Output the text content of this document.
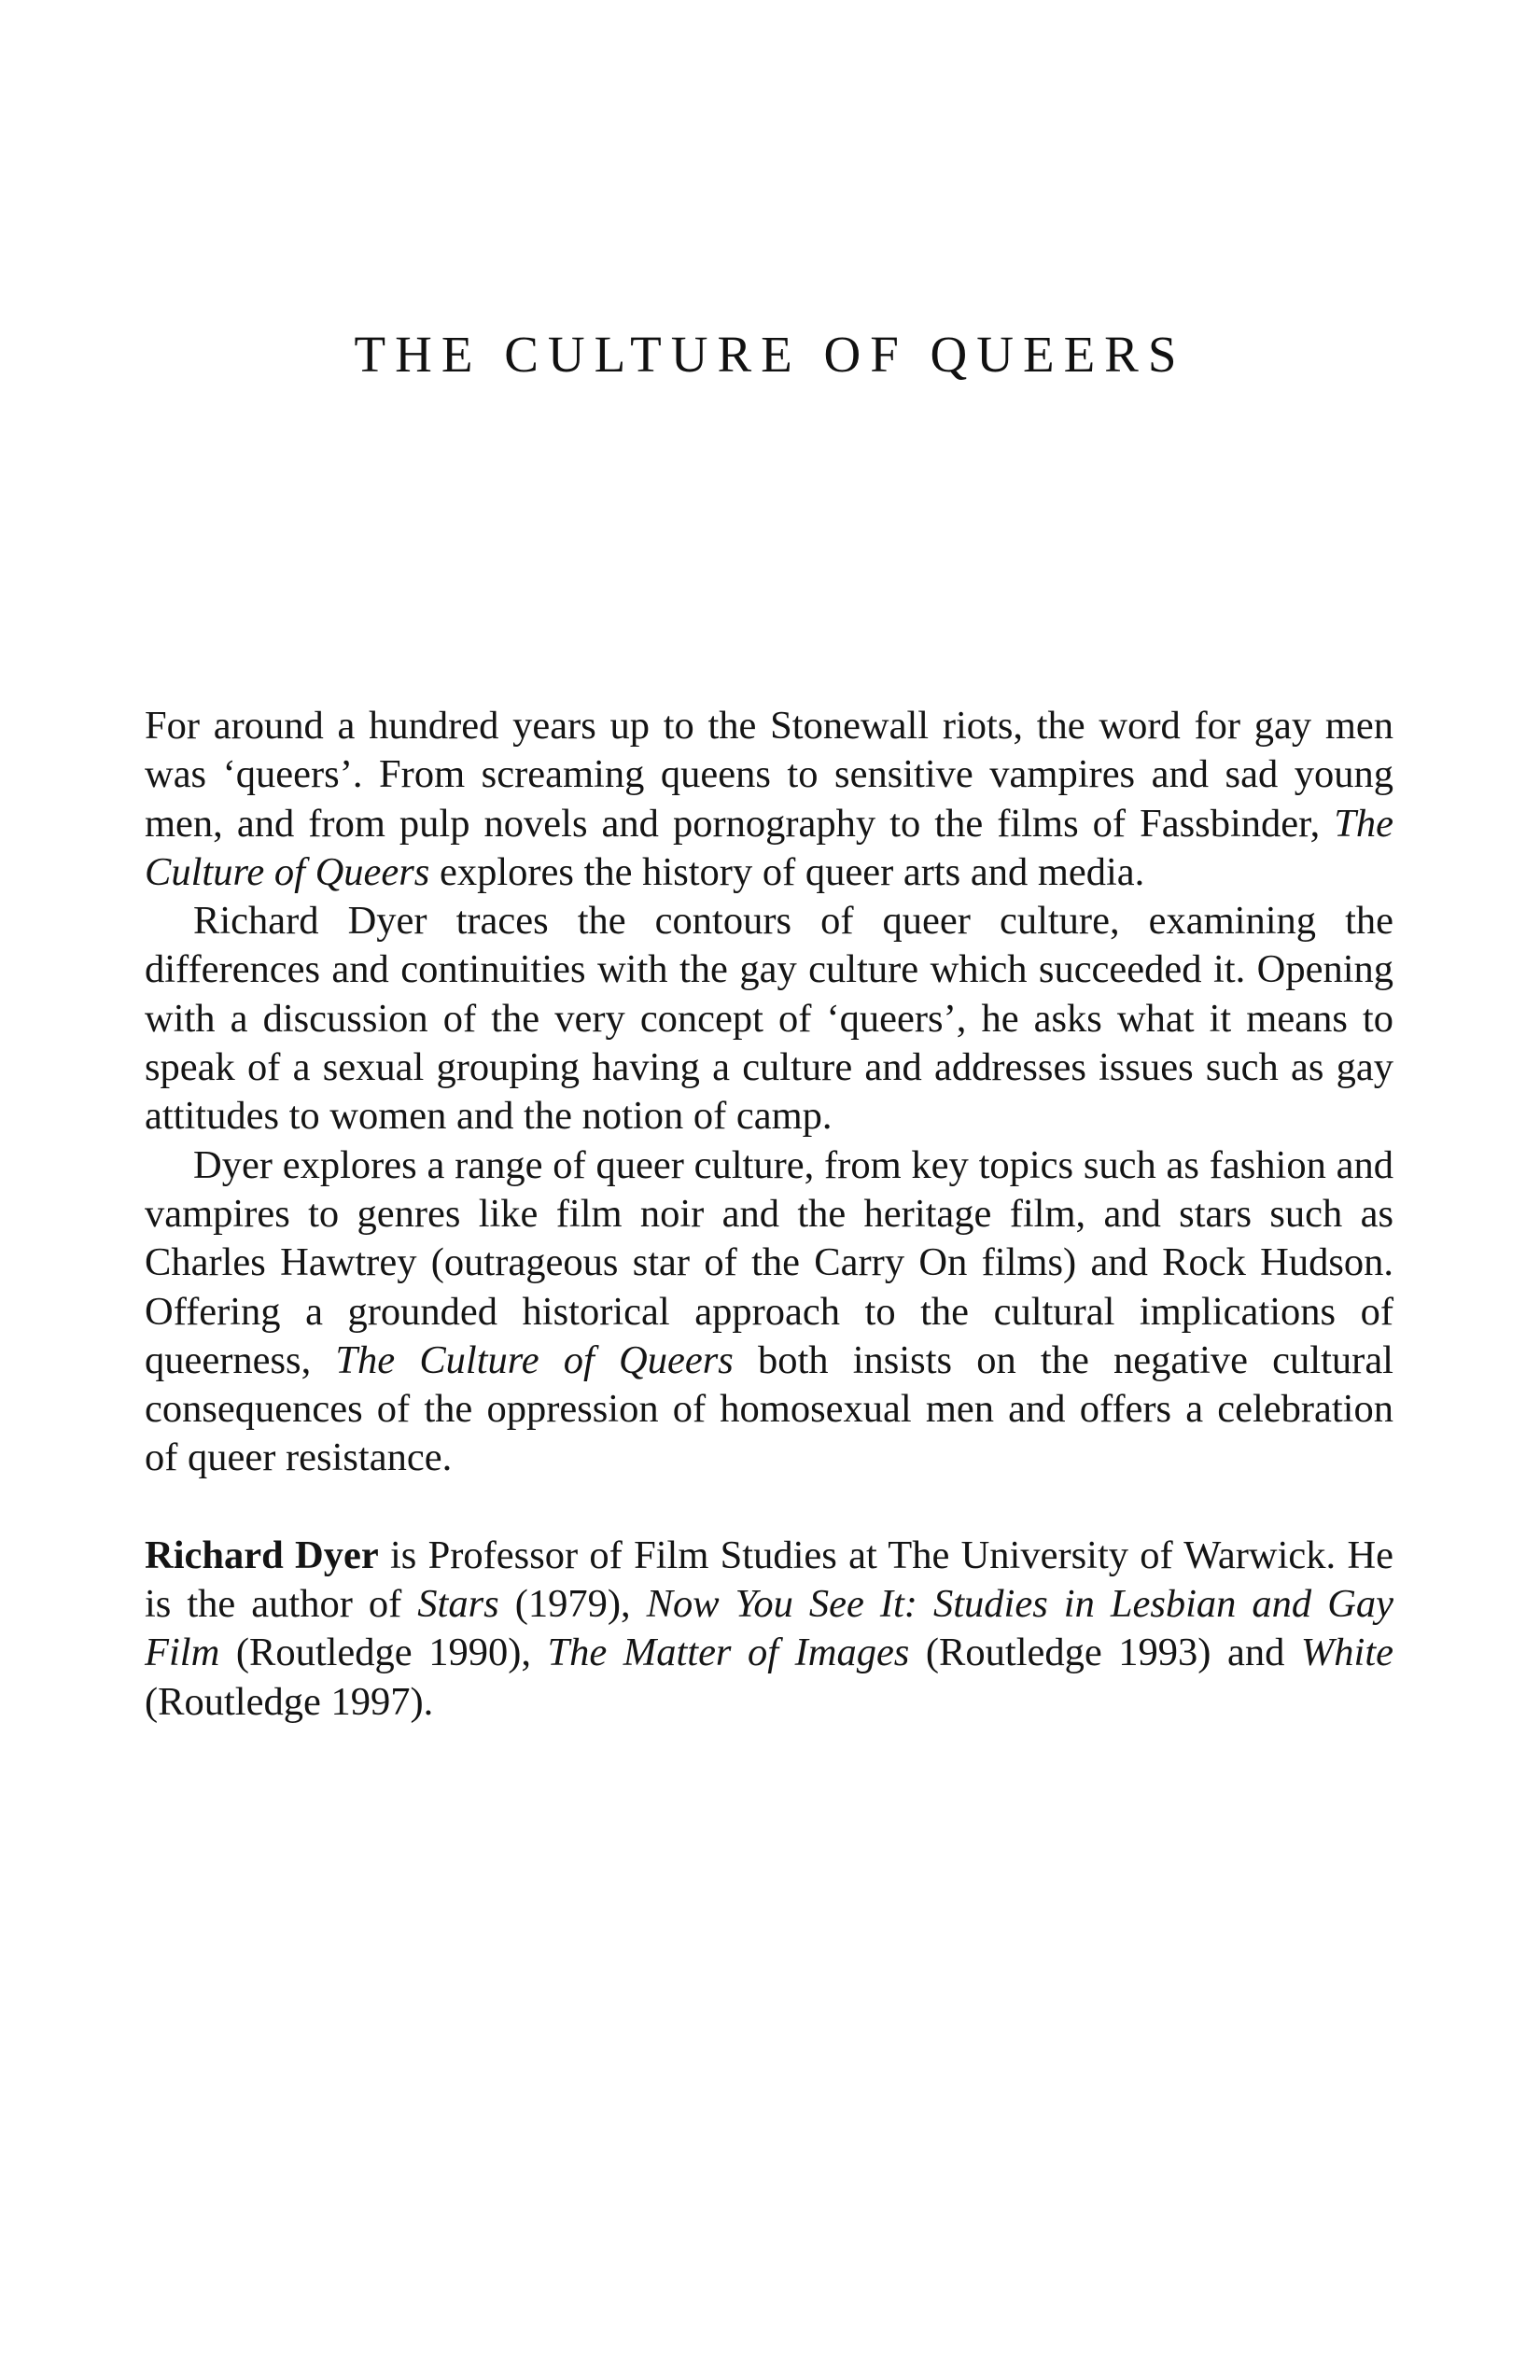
THE CULTURE OF QUEERS

For around a hundred years up to the Stonewall riots, the word for gay men was ‘queers’. From screaming queens to sensitive vampires and sad young men, and from pulp novels and pornography to the films of Fassbinder, The Culture of Queers explores the history of queer arts and media.

Richard Dyer traces the contours of queer culture, examining the differences and continuities with the gay culture which succeeded it. Opening with a discussion of the very concept of ‘queers’, he asks what it means to speak of a sexual grouping having a culture and addresses issues such as gay attitudes to women and the notion of camp.

Dyer explores a range of queer culture, from key topics such as fashion and vampires to genres like film noir and the heritage film, and stars such as Charles Hawtrey (outrageous star of the Carry On films) and Rock Hudson. Offering a grounded historical approach to the cultural implications of queerness, The Culture of Queers both insists on the negative cultural consequences of the oppression of homosexual men and offers a celebration of queer resistance.

Richard Dyer is Professor of Film Studies at The University of Warwick. He is the author of Stars (1979), Now You See It: Studies in Lesbian and Gay Film (Routledge 1990), The Matter of Images (Routledge 1993) and White (Routledge 1997).
